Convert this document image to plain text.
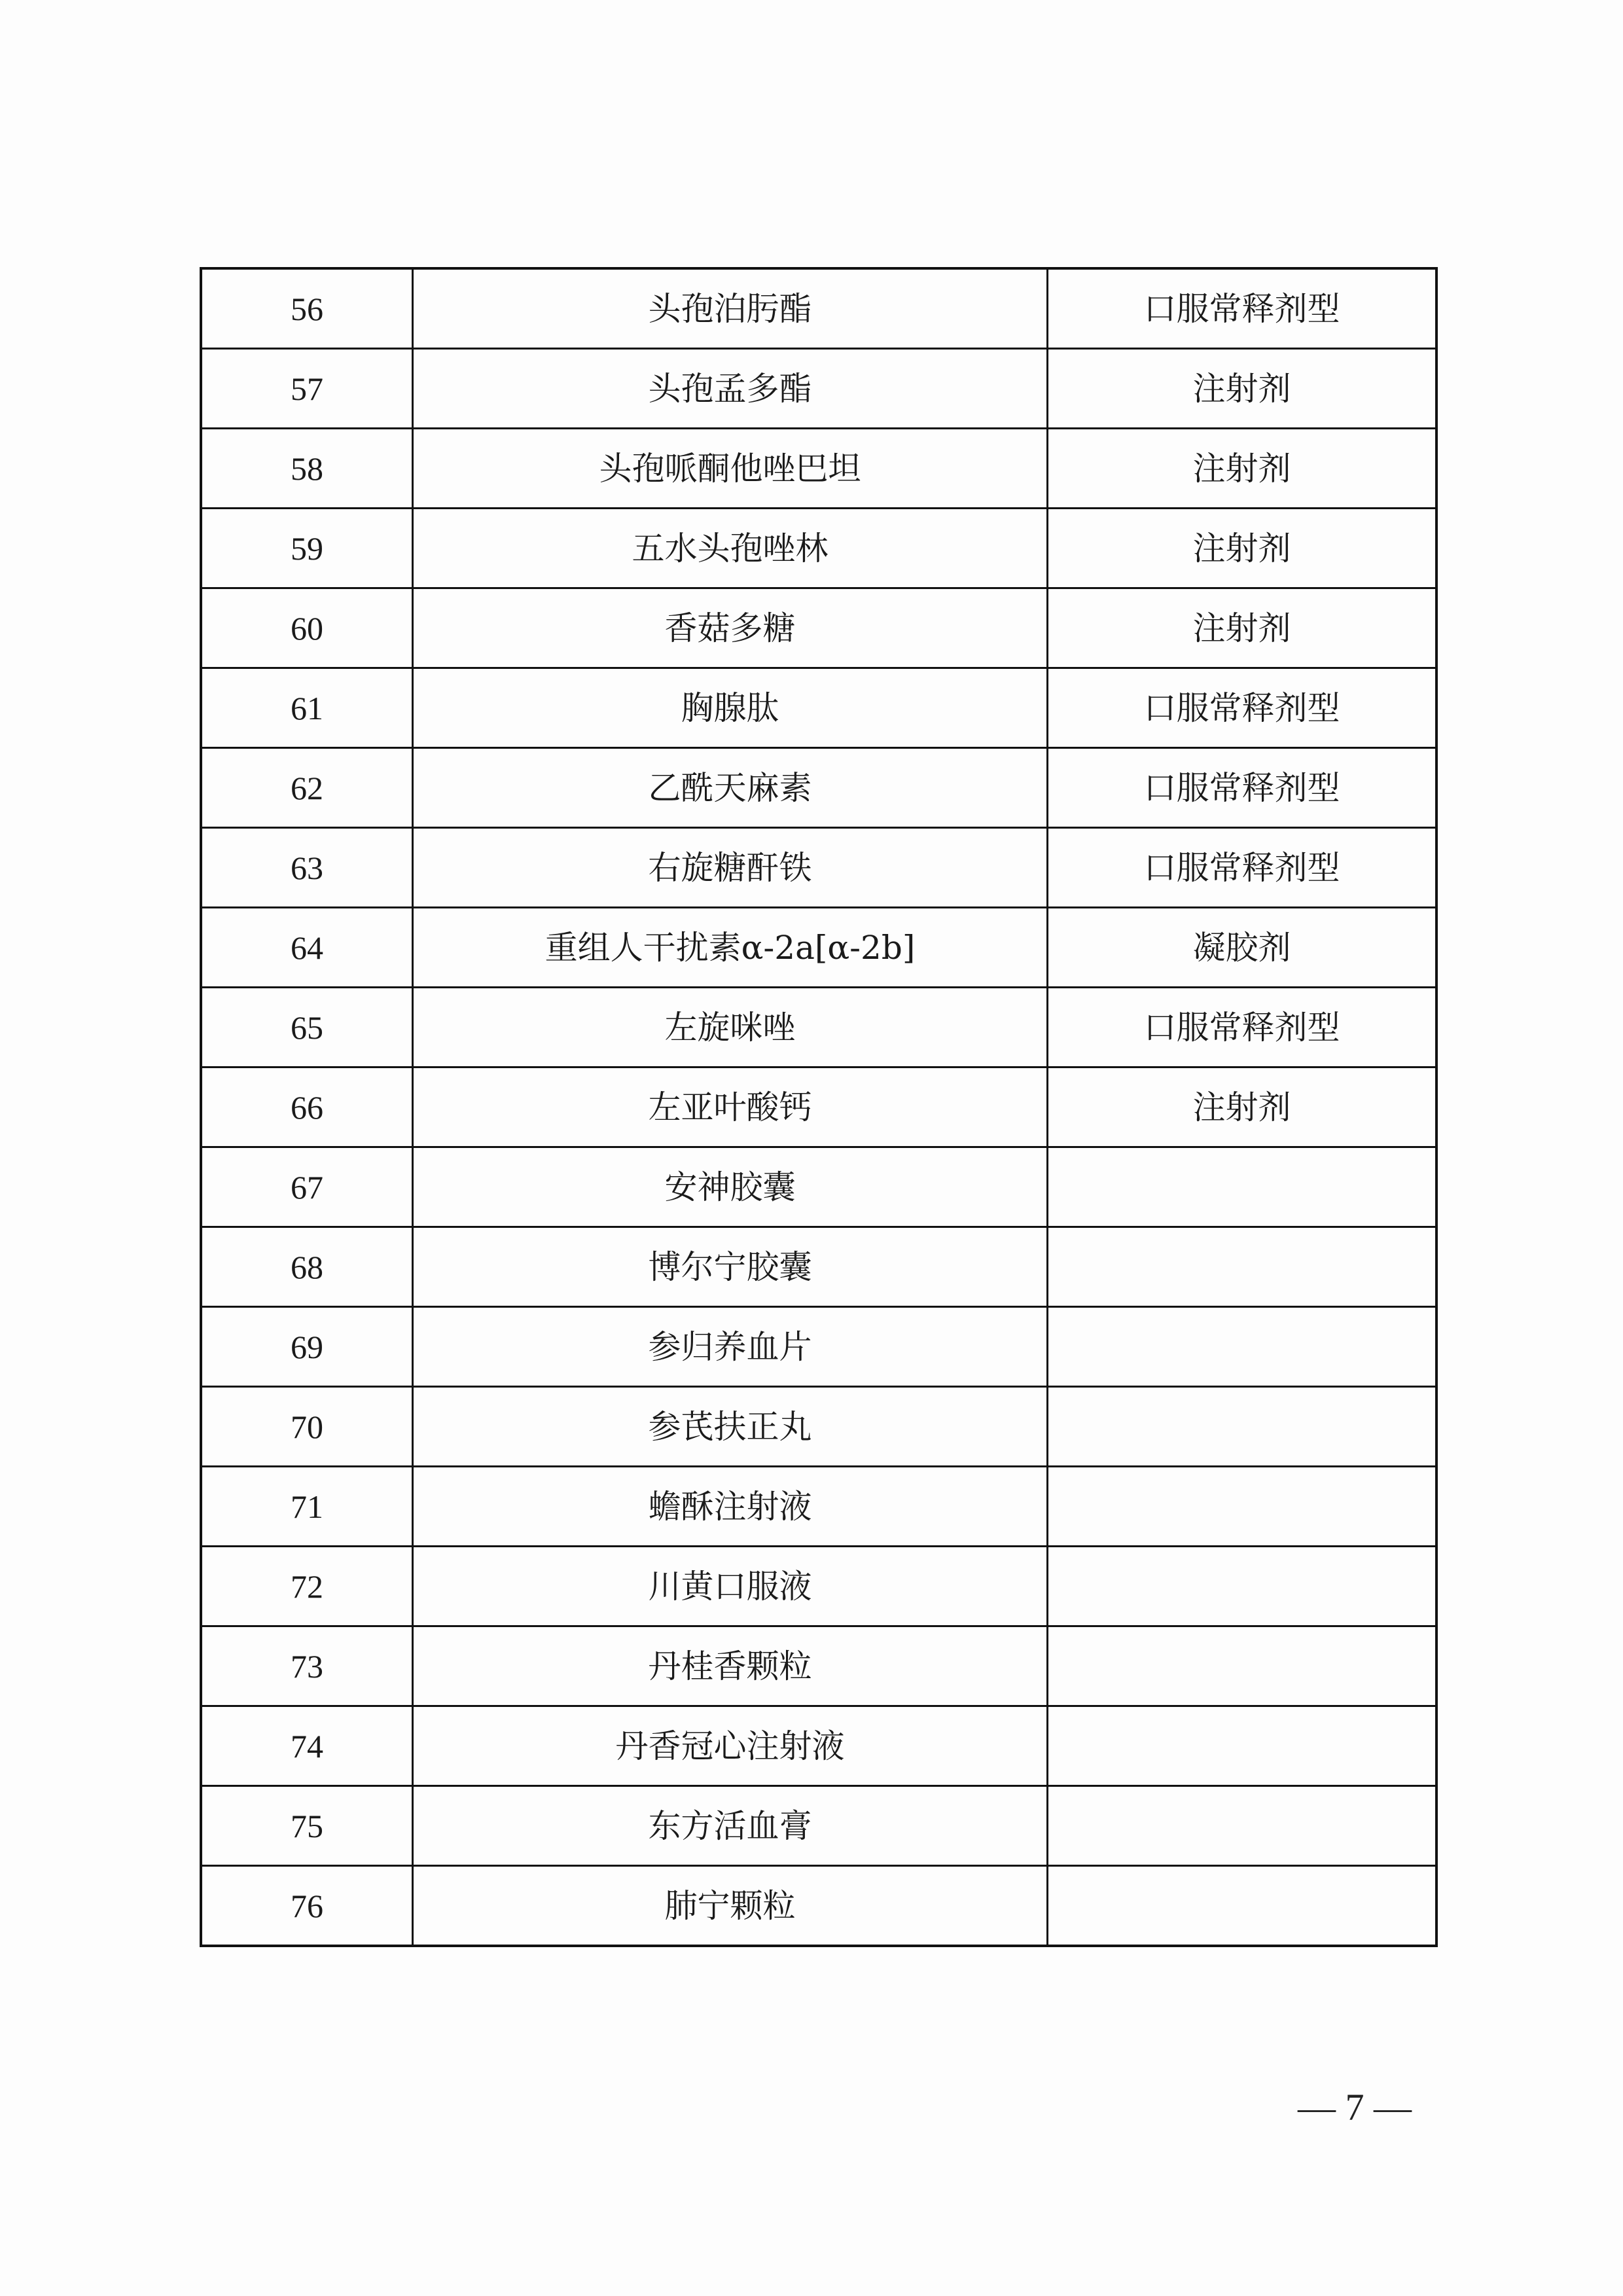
56	头孢泊肟酯	口服常释剂型
57	头孢孟多酯	注射剂
58	头孢哌酮他唑巴坦	注射剂
59	五水头孢唑林	注射剂
60	香菇多糖	注射剂
61	胸腺肽	口服常释剂型
62	乙酰天麻素	口服常释剂型
63	右旋糖酐铁	口服常释剂型
64	重组人干扰素α-2a[α-2b]	凝胶剂
65	左旋咪唑	口服常释剂型
66	左亚叶酸钙	注射剂
67	安神胶囊	
68	博尔宁胶囊	
69	参归养血片	
70	参芪扶正丸	
71	蟾酥注射液	
72	川黄口服液	
73	丹桂香颗粒	
74	丹香冠心注射液	
75	东方活血膏	
76	肺宁颗粒	
— 7 —
